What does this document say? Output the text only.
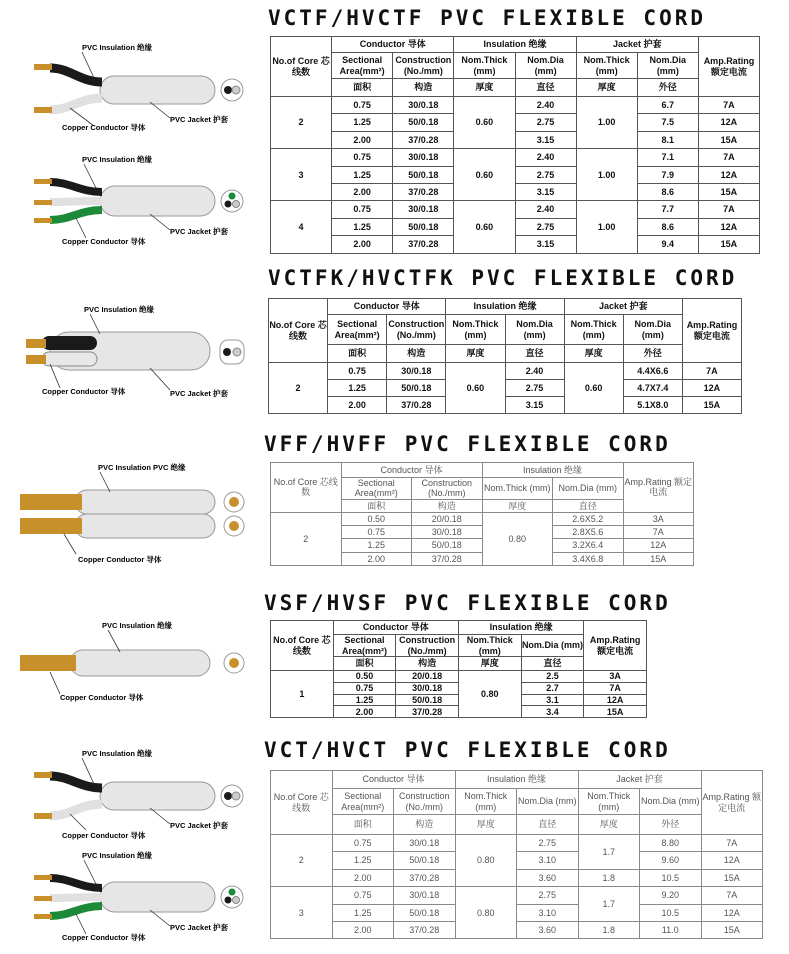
VCTF/HVCTF PVC FLEXIBLE CORD
VCTFK/HVCTFK PVC FLEXIBLE CORD
VFF/HVFF PVC FLEXIBLE CORD
VSF/HVSF PVC FLEXIBLE CORD
VCT/HVCT PVC FLEXIBLE CORD
No.of Core 芯线数	Conductor 导体		Insulation 绝缘		Jacket 护套		Amp.Rating 额定电流
	Sectional Area(mm²)	Construction (No./mm)	Nom.Thick (mm)	Nom.Dia (mm)	Nom.Thick (mm)	Nom.Dia (mm)	
	面积	构造	厚度	直径	厚度	外径	
2	0.75	30/0.18	0.60	2.40	1.00	6.7	7A
	1.25	50/0.18		2.75		7.5	12A
	2.00	37/0.28		3.15		8.1	15A
3	0.75	30/0.18	0.60	2.40	1.00	7.1	7A
	1.25	50/0.18		2.75		7.9	12A
	2.00	37/0.28		3.15		8.6	15A
4	0.75	30/0.18	0.60	2.40	1.00	7.7	7A
	1.25	50/0.18		2.75		8.6	12A
	2.00	37/0.28		3.15		9.4	15A
No.of Core 芯线数	Conductor 导体		Insulation 绝缘		Jacket 护套		Amp.Rating 额定电流
	Sectional Area(mm²)	Construction (No./mm)	Nom.Thick (mm)	Nom.Dia (mm)	Nom.Thick (mm)	Nom.Dia (mm)	
	面积	构造	厚度	直径	厚度	外径	
2	0.75	30/0.18	0.60	2.40	0.60	4.4X6.6	7A
	1.25	50/0.18		2.75		4.7X7.4	12A
	2.00	37/0.28		3.15		5.1X8.0	15A
No.of Core 芯线数	Conductor 导体		Insulation 绝缘		Amp.Rating 额定电流
	Sectional Area(mm²)	Construction (No./mm)	Nom.Thick (mm)	Nom.Dia (mm)	
	面积	构造	厚度	直径	
2	0.50	20/0.18	0.80	2.6X5.2	3A
	0.75	30/0.18		2.8X5.6	7A
	1.25	50/0.18		3.2X6.4	12A
	2.00	37/0.28		3.4X6.8	15A
No.of Core 芯线数	Conductor 导体		Insulation 绝缘		Amp.Rating 额定电流
	Sectional Area(mm²)	Construction (No./mm)	Nom.Thick (mm)	Nom.Dia (mm)	
	面积	构造	厚度	直径	
1	0.50	20/0.18	0.80	2.5	3A
	0.75	30/0.18		2.7	7A
	1.25	50/0.18		3.1	12A
	2.00	37/0.28		3.4	15A
No.of Core 芯线数	Conductor 导体		Insulation 绝缘		Jacket 护套		Amp.Rating 额定电流
	Sectional Area(mm²)	Construction (No./mm)	Nom.Thick (mm)	Nom.Dia (mm)	Nom.Thick (mm)	Nom.Dia (mm)	
	面积	构造	厚度	直径	厚度	外径	
2	0.75	30/0.18	0.80	2.75	1.7	8.80	7A
	1.25	50/0.18		3.10		9.60	12A
	2.00	37/0.28		3.60	1.8	10.5	15A
3	0.75	30/0.18	0.80	2.75	1.7	9.20	7A
	1.25	50/0.18		3.10		10.5	12A
	2.00	37/0.28		3.60	1.8	11.0	15A
PVC Insulation 绝缘
Copper Conductor 导体
PVC Jacket 护套
PVC Insulation 绝缘
Copper Conductor 导体
PVC Jacket 护套
PVC Insulation 绝缘
Copper Conductor 导体	PVC Jacket 护套
PVC Insulation PVC 绝缘
Copper Conductor 导体
PVC Insulation 绝缘
Copper Conductor 导体
PVC Insulation 绝缘
Copper Conductor 导体
PVC Jacket 护套
PVC Insulation 绝缘
Copper Conductor 导体
PVC Jacket 护套
